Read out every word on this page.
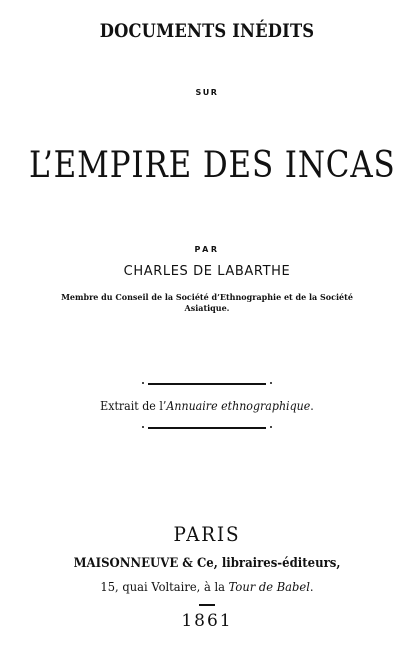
DOCUMENTS INÉDITS
SUR
L’EMPIRE DES INCAS
PAR
CHARLES DE LABARTHE
Membre du Conseil de la Société d’Ethnographie et de la Société
Asiatique.
Extrait de l’Annuaire ethnographique.
PARIS
MAISONNEUVE & Ce, libraires-éditeurs,
15, quai Voltaire, à la Tour de Babel.
1861
